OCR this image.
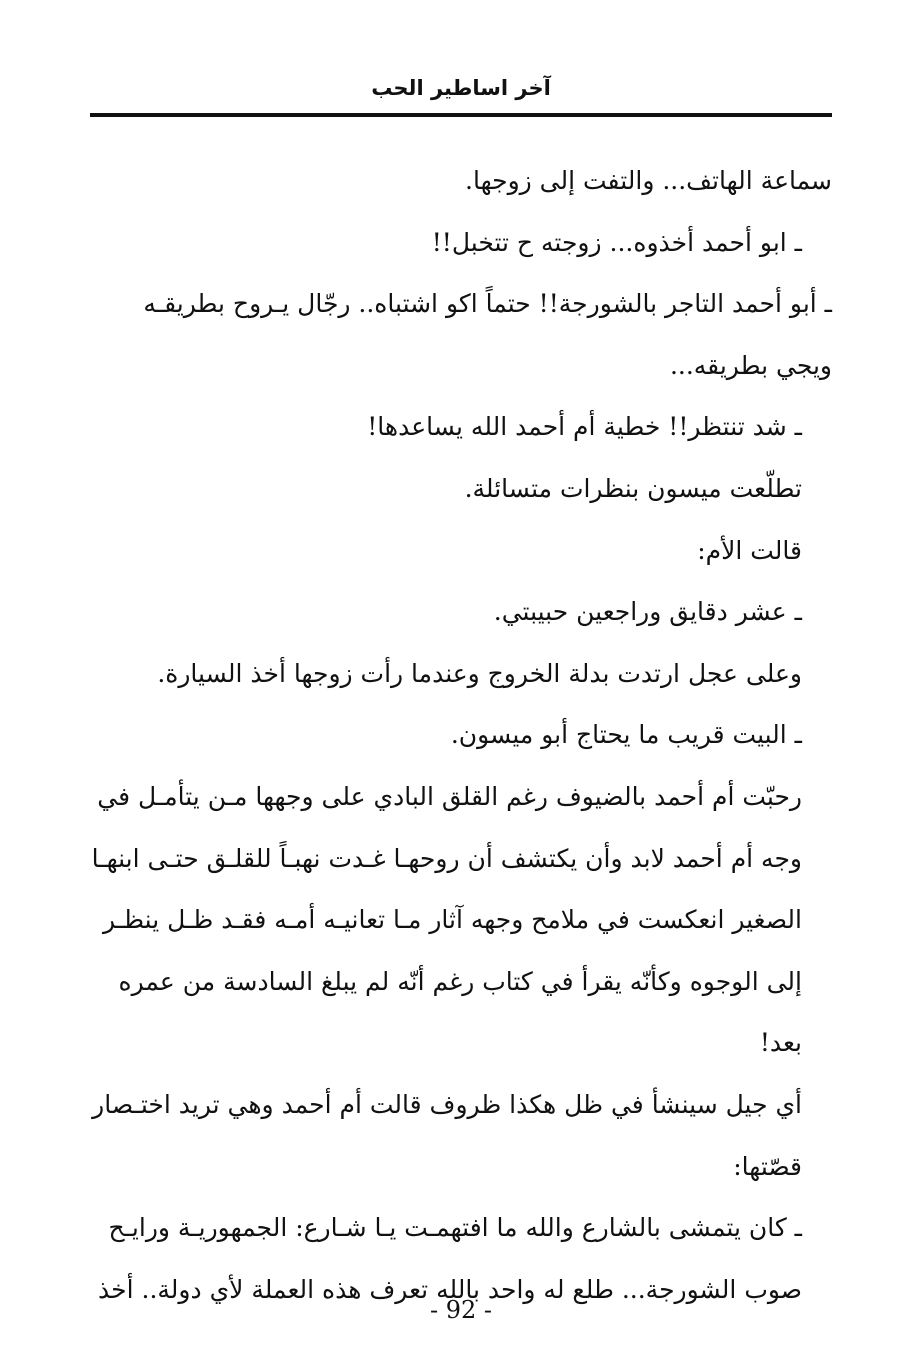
آخر اساطير الحب

سماعة الهاتف... والتفت إلى زوجها.

ـ ابو أحمد أخذوه... زوجته ح تتخبل!!

ـ أبو أحمد التاجر بالشورجة!! حتماً اكو اشتباه.. رجّال يـروح بطريقـه ويجي بطريقه...

ـ شد تنتظر!! خطية أم أحمد الله يساعدها!

تطلّعت ميسون بنظرات متسائلة.

قالت الأم:

ـ عشر دقايق وراجعين حبيبتي.

وعلى عجل ارتدت بدلة الخروج وعندما رأت زوجها أخذ السيارة.

ـ البيت قريب ما يحتاج أبو ميسون.

رحبّت أم أحمد بالضيوف رغم القلق البادي على وجهها مـن يتأمـل في وجه أم أحمد لابد وأن يكتشف أن روحهـا غـدت نهبـاً للقلـق حتـى ابنهـا الصغير انعكست في ملامح وجهه آثار مـا تعانيـه أمـه فقـد ظـل ينظـر إلى الوجوه وكأنّه يقرأ في كتاب رغم أنّه لم يبلغ السادسة من عمره بعد!

أي جيل سينشأ في ظل هكذا ظروف قالت أم أحمد وهي تريد اختـصار قصّتها:

ـ كان يتمشى بالشارع والله ما افتهمـت يـا شـارع: الجمهوريـة ورايـح صوب الشورجة... طلع له واحد بالله تعرف هذه العملة لأي دولة.. أخذ

- 92 -
